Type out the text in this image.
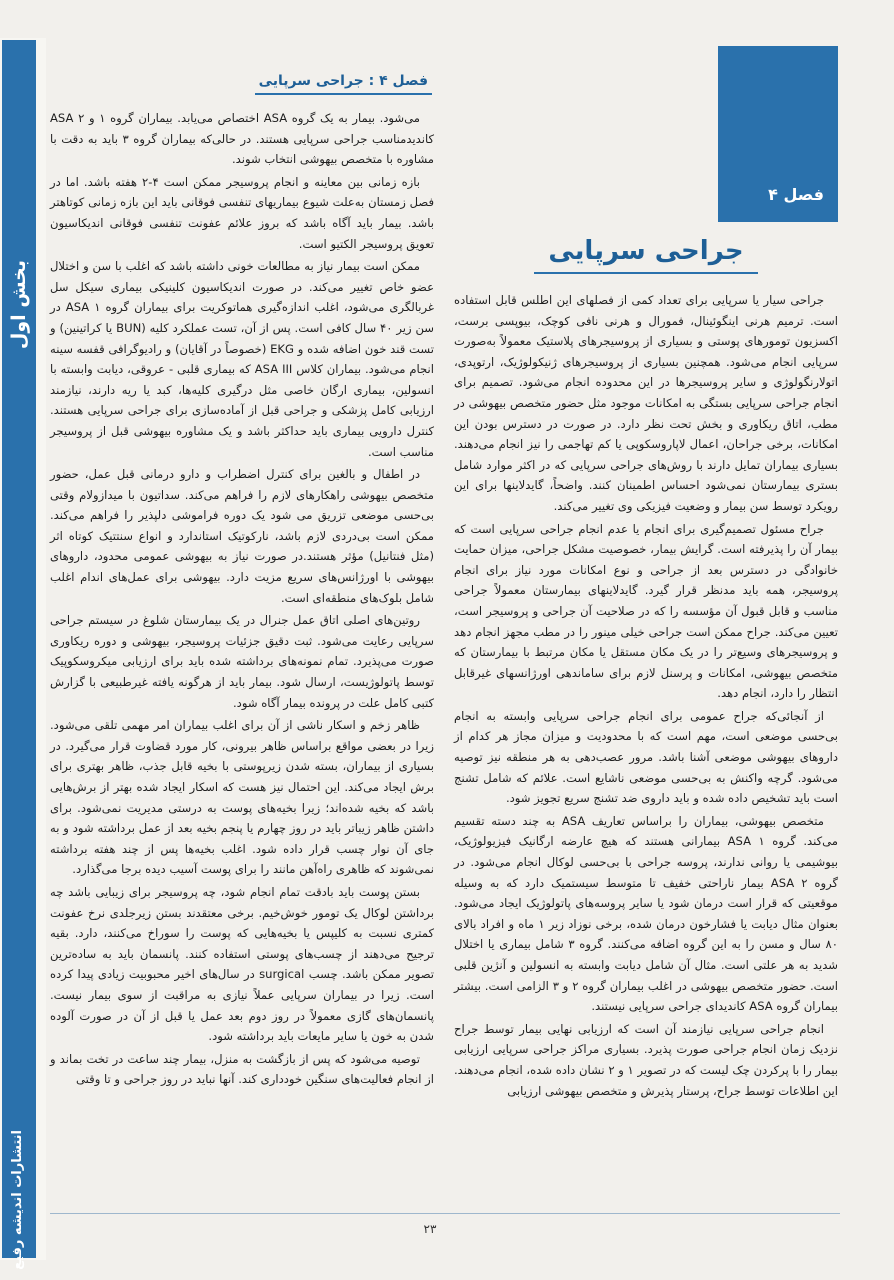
بخش اول
انتشارات اندیشه رفیع
فصل ۴ : جراحی سرپایی
فصل ۴
جراحی سرپایی

می‌شود. بیمار به یک گروه ASA اختصاص می‌یابد. بیماران گروه ۱ و ۲ ASA کاندیدمناسب جراحی سرپایی هستند. در حالی‌که بیماران گروه ۳ باید به دقت با مشاوره با متخصص بیهوشی انتخاب شوند.

بازه زمانی بین معاینه و انجام پروسیجر ممکن است ۴-۲ هفته باشد. اما در فصل زمستان به‌علت شیوع بیماریهای تنفسی فوقانی باید این بازه زمانی کوتاهتر باشد. بیمار باید آگاه باشد که بروز علائم عفونت تنفسی فوقانی اندیکاسیون تعویق پروسیجر الکتیو است.

ممکن است بیمار نیاز به مطالعات خونی داشته باشد که اغلب با سن و اختلال عضو خاص تغییر می‌کند. در صورت اندیکاسیون کلینیکی بیماری سیکل سل غربالگری می‌شود، اغلب اندازه‌گیری هماتوکریت برای بیماران گروه ۱ ASA در سن زیر ۴۰ سال کافی است. پس از آن، تست عملکرد کلیه (BUN یا کراتینین) و تست قند خون اضافه شده و EKG (خصوصاً در آقایان) و رادیوگرافی قفسه سینه انجام می‌شود. بیماران کلاس ASA III که بیماری قلبی - عروقی، دیابت وابسته با انسولین، بیماری ارگان خاصی مثل درگیری کلیه‌ها، کبد یا ریه دارند، نیازمند ارزیابی کامل پزشکی و جراحی قبل از آماده‌سازی برای جراحی سرپایی هستند. کنترل دارویی بیماری باید حداکثر باشد و یک مشاوره بیهوشی قبل از پروسیجر مناسب است.

در اطفال و بالغین برای کنترل اضطراب و دارو درمانی قبل عمل، حضور متخصص بیهوشی راهکارهای لازم را فراهم می‌کند. سداتیون با میدازولام وقتی بی‌حسی موضعی تزریق می شود یک دوره فراموشی دلپذیر را فراهم می‌کند. ممکن است بی‌دردی لازم باشد، نارکوتیک استاندارد و انواع سنتتیک کوتاه اثر (مثل فنتانیل) مؤثر هستند.در صورت نیاز به بیهوشی عمومی محدود، داروهای بیهوشی با اورژانس‌های سریع مزیت دارد. بیهوشی برای عمل‌های اندام اغلب شامل بلوک‌های منطقه‌ای است.

روتین‌های اصلی اتاق عمل جنرال در یک بیمارستان شلوغ در سیستم جراحی سرپایی رعایت می‌شود. ثبت دقیق جزئیات پروسیجر، بیهوشی و دوره ریکاوری صورت می‌پذیرد. تمام نمونه‌های برداشته شده باید برای ارزیابی میکروسکوپیک توسط پاتولوژیست، ارسال شود. بیمار باید از هرگونه یافته غیرطبیعی با گزارش کتبی کامل علت در پرونده بیمار آگاه شود.

ظاهر زخم و اسکار ناشی از آن برای اغلب بیماران امر مهمی تلقی می‌شود. زیرا در بعضی مواقع براساس ظاهر بیرونی، کار مورد قضاوت قرار می‌گیرد. در بسیاری از بیماران، بسته شدن زیرپوستی با بخیه قابل جذب، ظاهر بهتری برای برش ایجاد می‌کند. این احتمال نیز هست که اسکار ایجاد شده بهتر از برش‌هایی باشد که بخیه شده‌اند؛ زیرا بخیه‌های پوست به درستی مدیریت نمی‌شود. برای داشتن ظاهر زیباتر باید در روز چهارم یا پنجم بخیه بعد از عمل برداشته شود و به جای آن نوار چسب قرار داده شود. اغلب بخیه‌ها پس از چند هفته برداشته نمی‌شوند که ظاهری راه‌آهن مانند را برای پوست آسیب دیده برجا می‌گذارد.

بستن پوست باید بادقت تمام انجام شود، چه پروسیجر برای زیبایی باشد چه برداشتن لوکال یک تومور خوش‌خیم. برخی معتقدند بستن زیرجلدی نرخ عفونت کمتری نسبت به کلیپس یا بخیه‌هایی که پوست را سوراخ می‌کنند، دارد. بقیه ترجیح می‌دهند از چسب‌های پوستی استفاده کنند. پانسمان باید به ساده‌ترین تصویر ممکن باشد. چسب surgical در سال‌های اخیر محبوبیت زیادی پیدا کرده است. زیرا در بیماران سرپایی عملاً نیازی به مراقبت از سوی بیمار نیست. پانسمان‌های گازی معمولاً در روز دوم بعد عمل یا قبل از آن در صورت آلوده شدن به خون یا سایر مایعات باید برداشته شود.

توصیه می‌شود که پس از بازگشت به منزل، بیمار چند ساعت در تخت بماند و از انجام فعالیت‌های سنگین خودداری کند. آنها نباید در روز جراحی و تا وقتی

جراحی سیار یا سرپایی برای تعداد کمی از فصلهای این اطلس قابل استفاده است. ترمیم هرنی اینگوئینال، فمورال و هرنی نافی کوچک، بیوپسی برست، اکسزیون تومورهای پوستی و بسیاری از پروسیجرهای پلاستیک معمولاً به‌صورت سرپایی انجام می‌شود. همچنین بسیاری از پروسیجرهای ژنیکولوژیک، ارتوپدی، اتولارنگولوژی و سایر پروسیجرها در این محدوده انجام می‌شود. تصمیم برای انجام جراحی سرپایی بستگی به امکانات موجود مثل حضور متخصص بیهوشی در مطب، اتاق ریکاوری و بخش تحت نظر دارد. در صورت در دسترس بودن این امکانات، برخی جراحان، اعمال لاپاروسکوپی یا کم تهاجمی را نیز انجام می‌دهند. بسیاری بیماران تمایل دارند با روش‌های جراحی سرپایی که در اکثر موارد شامل بستری بیمارستان نمی‌شود احساس اطمینان کنند. واضحاً، گایدلاینها برای این رویکرد توسط سن بیمار و وضعیت فیزیکی وی تغییر می‌کند.

جراح مسئول تصمیم‌گیری برای انجام یا عدم انجام جراحی سرپایی است که بیمار آن را پذیرفته است. گرایش بیمار، خصوصیت مشکل جراحی، میزان حمایت خانوادگی در دسترس بعد از جراحی و نوع امکانات مورد نیاز برای انجام پروسیجر، همه باید مدنظر قرار گیرد. گایدلاینهای بیمارستان معمولاً جراحی مناسب و قابل قبول آن مؤسسه را که در صلاحیت آن جراحی و پروسیجر است، تعیین می‌کند. جراح ممکن است جراحی خیلی مینور را در مطب مجهز انجام دهد و پروسیجرهای وسیع‌تر را در یک مکان مستقل یا مکان مرتبط با بیمارستان که متخصص بیهوشی، امکانات و پرسنل لازم برای ساماندهی اورژانسهای غیرقابل انتظار را دارد، انجام دهد.

از آنجائی‌که جراح عمومی برای انجام جراحی سرپایی وابسته به انجام بی‌حسی موضعی است، مهم است که با محدودیت و میزان مجاز هر کدام از داروهای بیهوشی موضعی آشنا باشد. مرور عصب‌دهی به هر منطقه نیز توصیه می‌شود. گرچه واکنش به بی‌حسی موضعی ناشایع است. علائم که شامل تشنج است باید تشخیص داده شده و باید داروی ضد تشنج سریع تجویز شود.

متخصص بیهوشی، بیماران را براساس تعاریف ASA به چند دسته تقسیم می‌کند. گروه ۱ ASA بیمارانی هستند که هیچ عارضه ارگانیک فیزیولوژیک، بیوشیمی یا روانی ندارند، پروسه جراحی با بی‌حسی لوکال انجام می‌شود. در گروه ۲ ASA بیمار ناراحتی خفیف تا متوسط سیستمیک دارد که به وسیله موقعیتی که قرار است درمان شود یا سایر پروسه‌های پاتولوژیک ایجاد می‌شود. بعنوان مثال دیابت یا فشارخون درمان شده، برخی نوزاد زیر ۱ ماه و افراد بالای ۸۰ سال و مسن را به این گروه اضافه می‌کنند. گروه ۳ شامل بیماری یا اختلال شدید به هر علتی است. مثال آن شامل دیابت وابسته به انسولین و آنژین قلبی است. حضور متخصص بیهوشی در اغلب بیماران گروه ۲ و ۳ الزامی است. بیشتر بیماران گروه ASA کاندیدای جراحی سرپایی نیستند.

انجام جراحی سرپایی نیازمند آن است که ارزیابی نهایی بیمار توسط جراح نزدیک زمان انجام جراحی صورت پذیرد. بسیاری مراکز جراحی سرپایی ارزیابی بیمار را با پرکردن چک لیست که در تصویر ۱ و ۲ نشان داده شده، انجام می‌دهند. این اطلاعات توسط جراح، پرستار پذیرش و متخصص بیهوشی ارزیابی

۲۳
